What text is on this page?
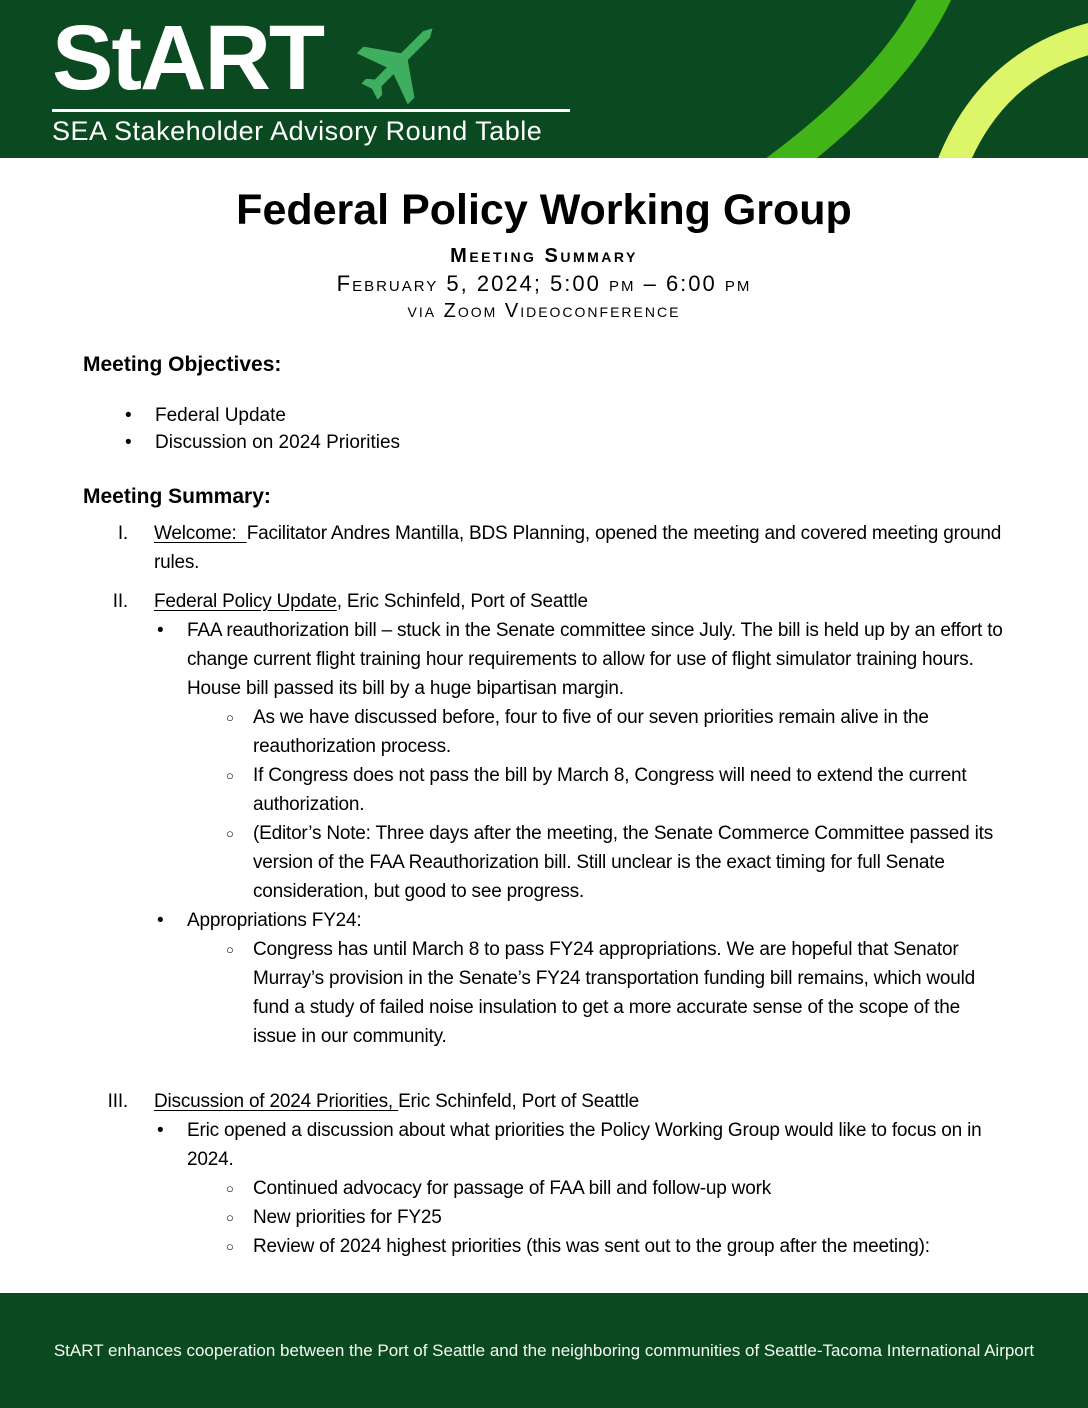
StART
SEA Stakeholder Advisory Round Table
Federal Policy Working Group
Meeting Summary
February 5, 2024; 5:00 pm – 6:00 pm
via Zoom Videoconference
Meeting Objectives:
•	Federal Update
•	Discussion on 2024 Priorities
Meeting Summary:
I. Welcome:  Facilitator Andres Mantilla, BDS Planning, opened the meeting and covered meeting ground rules.
II. Federal Policy Update, Eric Schinfeld, Port of Seattle
•	FAA reauthorization bill – stuck in the Senate committee since July. The bill is held up by an effort to change current flight training hour requirements to allow for use of flight simulator training hours. House bill passed its bill by a huge bipartisan margin.
○	As we have discussed before, four to five of our seven priorities remain alive in the reauthorization process.
○	If Congress does not pass the bill by March 8, Congress will need to extend the current authorization.
○	(Editor’s Note: Three days after the meeting, the Senate Commerce Committee passed its version of the FAA Reauthorization bill. Still unclear is the exact timing for full Senate consideration, but good to see progress.
•	Appropriations FY24:
○	Congress has until March 8 to pass FY24 appropriations. We are hopeful that Senator Murray’s provision in the Senate’s FY24 transportation funding bill remains, which would fund a study of failed noise insulation to get a more accurate sense of the scope of the issue in our community.
III. Discussion of 2024 Priorities, Eric Schinfeld, Port of Seattle
•	Eric opened a discussion about what priorities the Policy Working Group would like to focus on in 2024.
○	Continued advocacy for passage of FAA bill and follow-up work
○	New priorities for FY25
○	Review of 2024 highest priorities (this was sent out to the group after the meeting):
StART enhances cooperation between the Port of Seattle and the neighboring communities of Seattle-Tacoma International Airport
